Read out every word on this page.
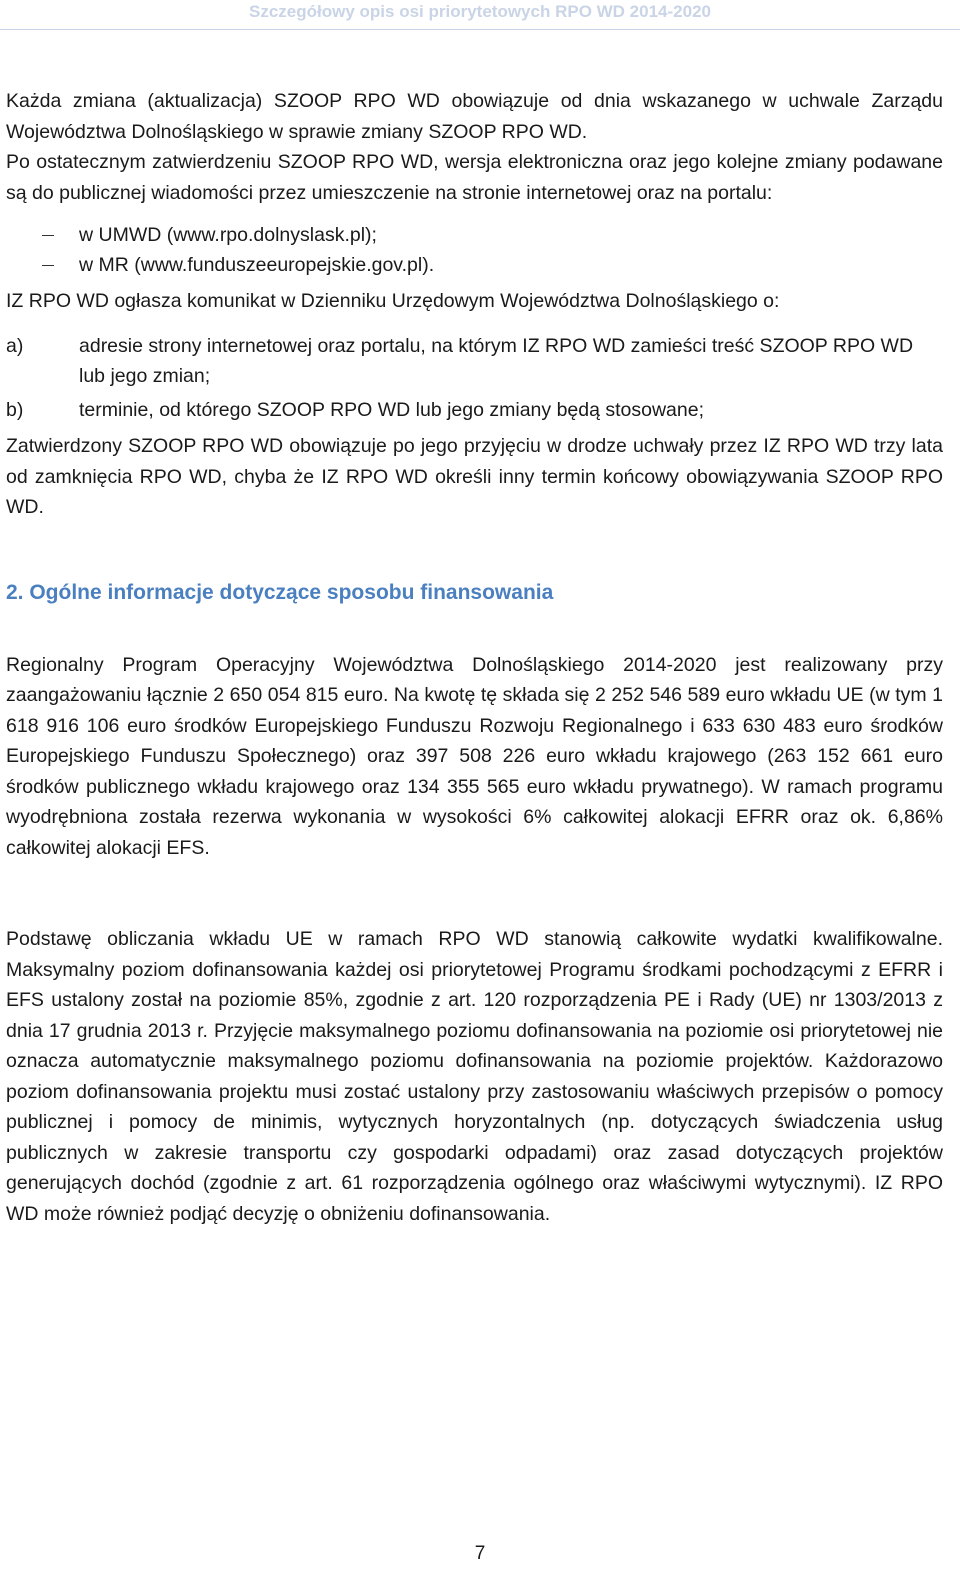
Szczegółowy opis osi priorytetowych RPO WD 2014-2020

Każda zmiana (aktualizacja) SZOOP RPO WD obowiązuje od dnia wskazanego w uchwale Zarządu Województwa Dolnośląskiego w sprawie zmiany SZOOP RPO WD.

Po ostatecznym zatwierdzeniu SZOOP RPO WD, wersja elektroniczna oraz jego kolejne zmiany podawane są do publicznej wiadomości przez umieszczenie na stronie internetowej oraz na portalu:

w UMWD (www.rpo.dolnyslask.pl);
w MR (www.funduszeeuropejskie.gov.pl).

IZ RPO WD ogłasza komunikat w Dzienniku Urzędowym Województwa Dolnośląskiego o:

a)	adresie strony internetowej oraz portalu, na którym IZ RPO WD zamieści treść SZOOP RPO WD lub jego zmian;
b)	terminie, od którego SZOOP RPO WD lub jego zmiany będą stosowane;

Zatwierdzony SZOOP RPO WD obowiązuje po jego przyjęciu w drodze uchwały przez IZ RPO WD trzy lata od zamknięcia RPO WD, chyba że IZ RPO WD określi inny termin końcowy obowiązywania SZOOP RPO WD.

2. Ogólne informacje dotyczące sposobu finansowania

Regionalny Program Operacyjny Województwa Dolnośląskiego 2014-2020 jest realizowany przy zaangażowaniu łącznie 2 650 054 815 euro. Na kwotę tę składa się 2 252 546 589 euro wkładu UE (w tym 1 618 916 106 euro środków Europejskiego Funduszu Rozwoju Regionalnego i 633 630 483 euro środków Europejskiego Funduszu Społecznego) oraz 397 508 226 euro wkładu krajowego (263 152 661 euro środków publicznego wkładu krajowego oraz 134 355 565 euro wkładu prywatnego). W ramach programu wyodrębniona została rezerwa wykonania w wysokości 6% całkowitej alokacji EFRR oraz ok. 6,86% całkowitej alokacji EFS.

Podstawę obliczania wkładu UE w ramach RPO WD stanowią całkowite wydatki kwalifikowalne. Maksymalny poziom dofinansowania każdej osi priorytetowej Programu środkami pochodzącymi z EFRR i EFS ustalony został na poziomie 85%, zgodnie z art. 120 rozporządzenia PE i Rady (UE) nr 1303/2013 z dnia 17 grudnia 2013 r. Przyjęcie maksymalnego poziomu dofinansowania na poziomie osi priorytetowej nie oznacza automatycznie maksymalnego poziomu dofinansowania na poziomie projektów. Każdorazowo poziom dofinansowania projektu musi zostać ustalony przy zastosowaniu właściwych przepisów o pomocy publicznej i pomocy de minimis, wytycznych horyzontalnych (np. dotyczących świadczenia usług publicznych w zakresie transportu czy gospodarki odpadami) oraz zasad dotyczących projektów generujących dochód (zgodnie z art. 61 rozporządzenia ogólnego oraz właściwymi wytycznymi). IZ RPO WD może również podjąć decyzję o obniżeniu dofinansowania.

7
